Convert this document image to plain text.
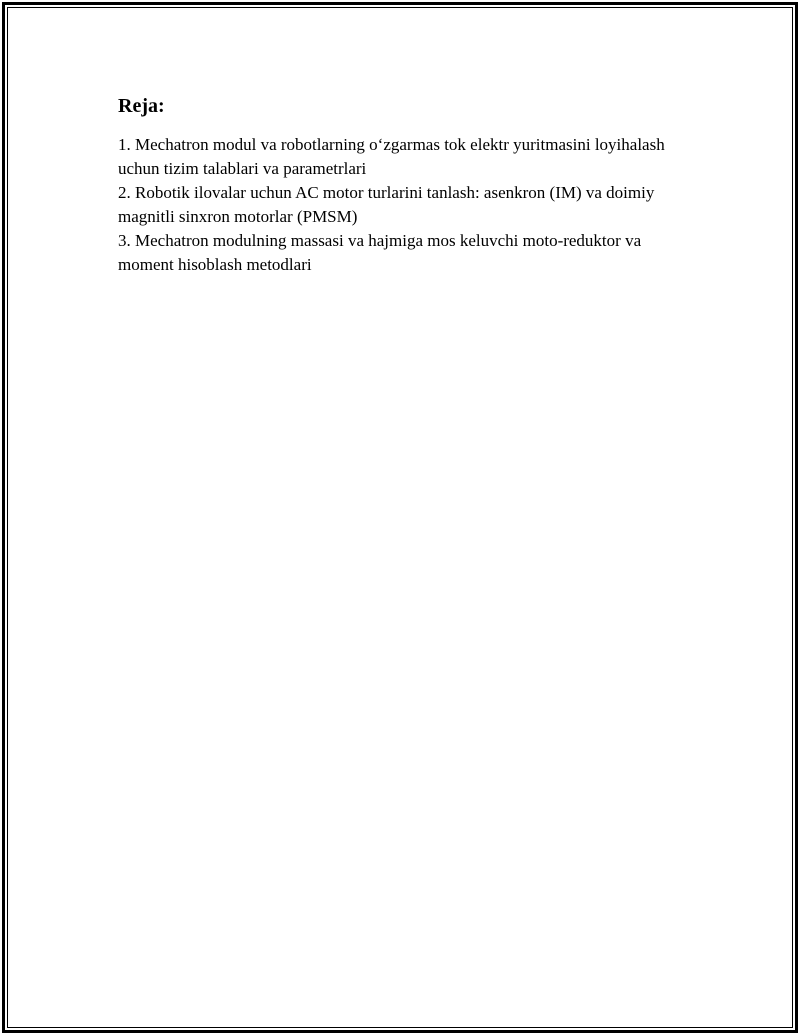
Reja:
1. Mechatron modul va robotlarning o‘zgarmas tok elektr yuritmasini loyihalash uchun tizim talablari va parametrlari
2. Robotik ilovalar uchun AC motor turlarini tanlash: asenkron (IM) va doimiy magnitli sinxron motorlar (PMSM)
3. Mechatron modulning massasi va hajmiga mos keluvchi moto-reduktor va moment hisoblash metodlari
